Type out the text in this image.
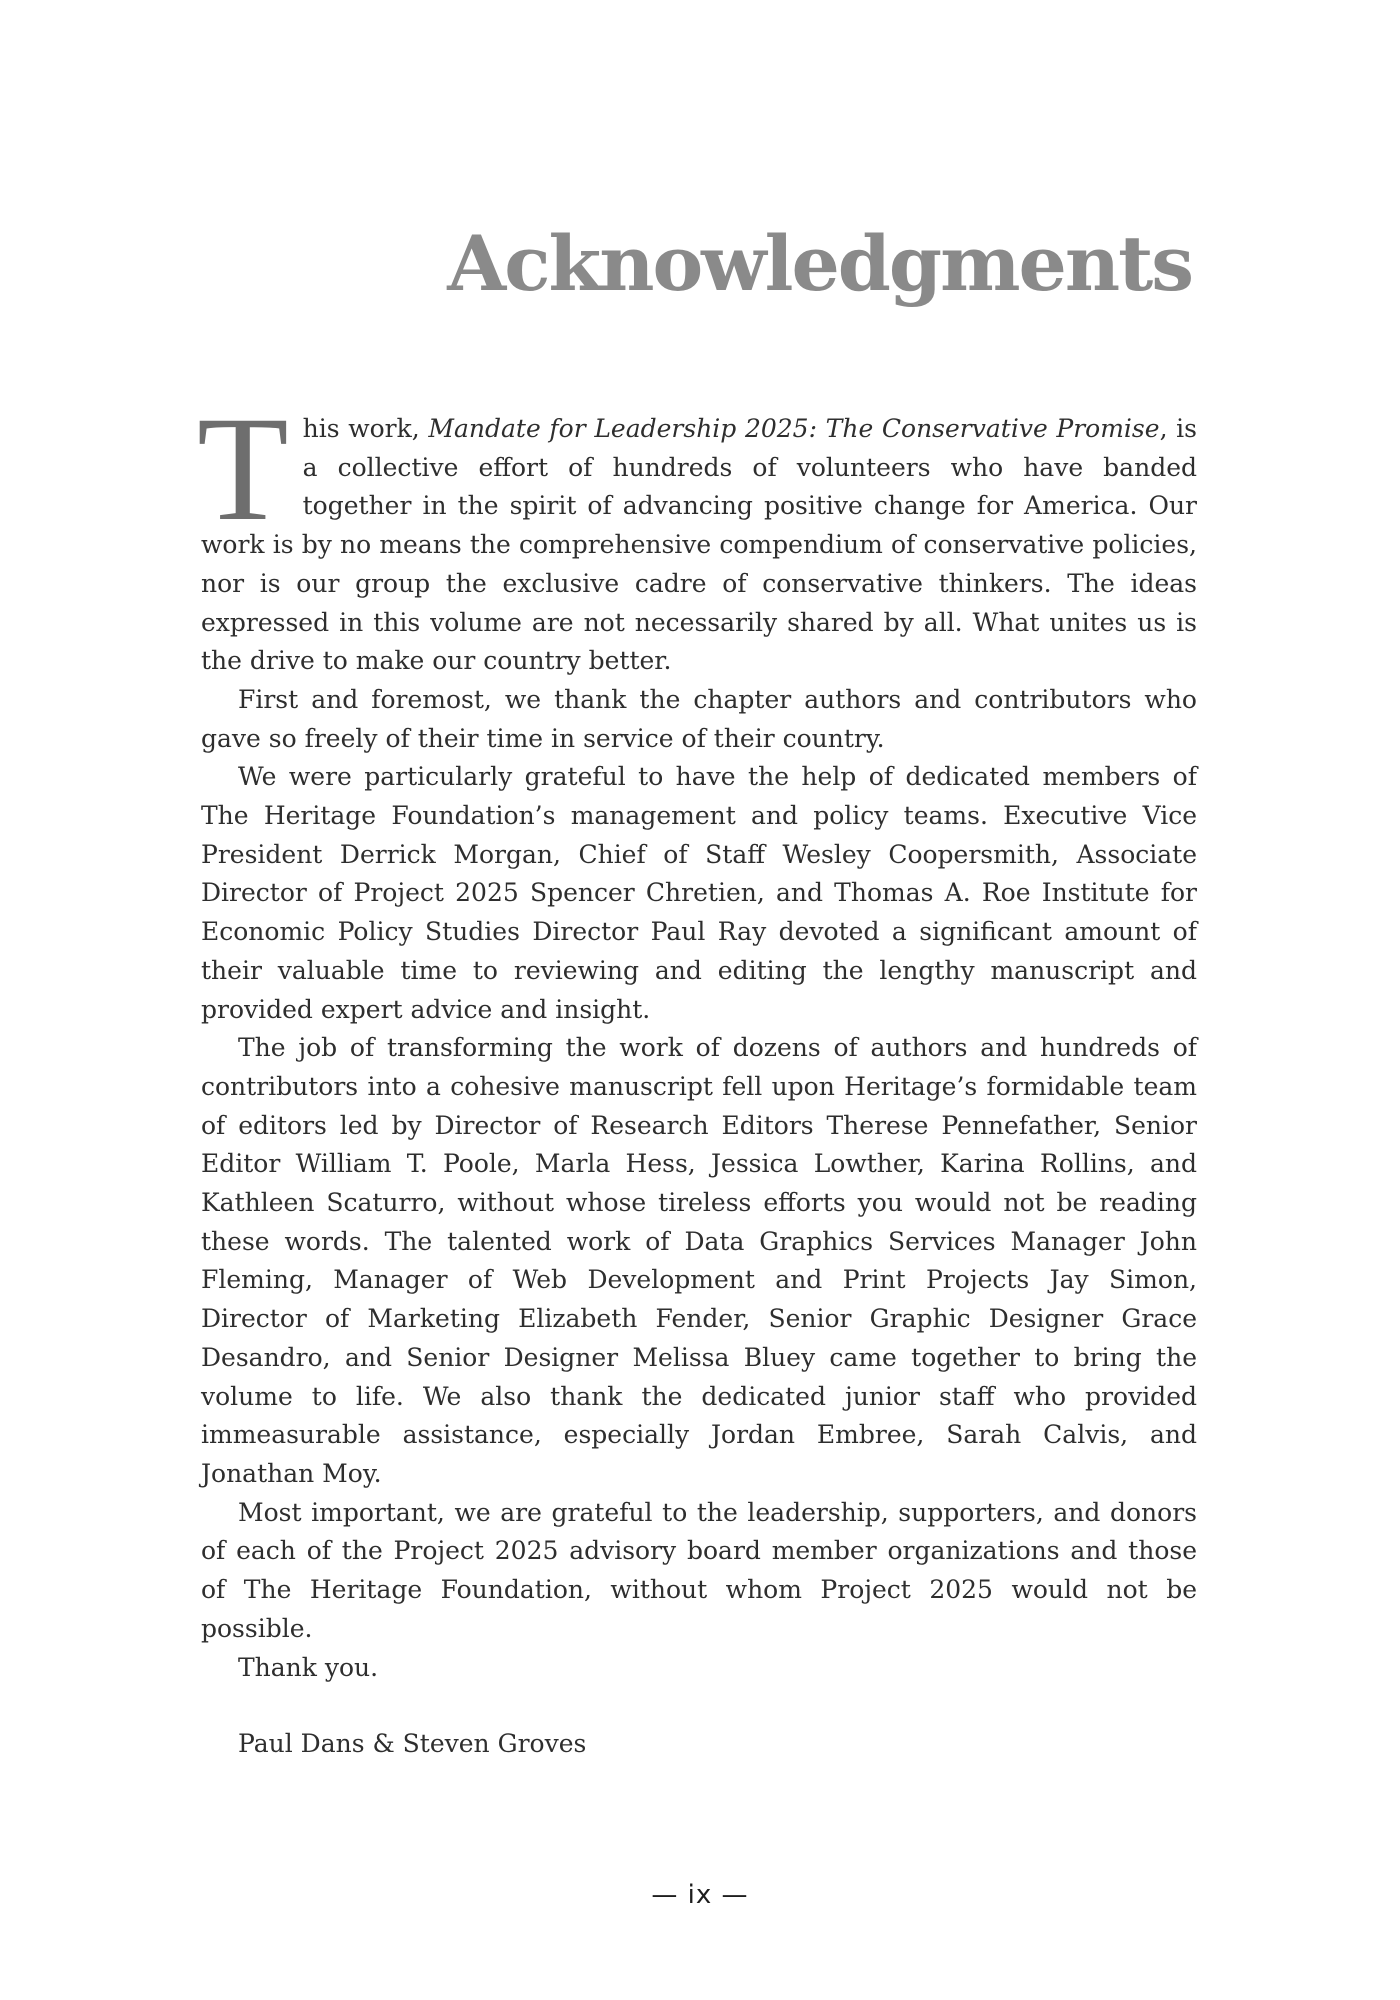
Acknowledgments

This work, Mandate for Leadership 2025: The Conservative Promise, is a collective effort of hundreds of volunteers who have banded together in the spirit of advancing positive change for America. Our work is by no means the comprehensive compendium of conservative policies, nor is our group the exclusive cadre of conservative thinkers. The ideas expressed in this volume are not necessarily shared by all. What unites us is the drive to make our country better.

First and foremost, we thank the chapter authors and contributors who gave so freely of their time in service of their country.

We were particularly grateful to have the help of dedicated members of The Heritage Foundation’s management and policy teams. Executive Vice President Derrick Morgan, Chief of Staff Wesley Coopersmith, Associate Director of Project 2025 Spencer Chretien, and Thomas A. Roe Institute for Economic Policy Studies Director Paul Ray devoted a significant amount of their valuable time to reviewing and editing the lengthy manuscript and provided expert advice and insight.

The job of transforming the work of dozens of authors and hundreds of contributors into a cohesive manuscript fell upon Heritage’s formidable team of editors led by Director of Research Editors Therese Pennefather, Senior Editor William T. Poole, Marla Hess, Jessica Lowther, Karina Rollins, and Kathleen Scaturro, without whose tireless efforts you would not be reading these words. The talented work of Data Graphics Services Manager John Fleming, Manager of Web Development and Print Projects Jay Simon, Director of Marketing Elizabeth Fender, Senior Graphic Designer Grace Desandro, and Senior Designer Melissa Bluey came together to bring the volume to life. We also thank the dedicated junior staff who provided immeasurable assistance, especially Jordan Embree, Sarah Calvis, and Jonathan Moy.

Most important, we are grateful to the leadership, supporters, and donors of each of the Project 2025 advisory board member organizations and those of The Heritage Foundation, without whom Project 2025 would not be possible.

Thank you.

Paul Dans & Steven Groves

— ix —
